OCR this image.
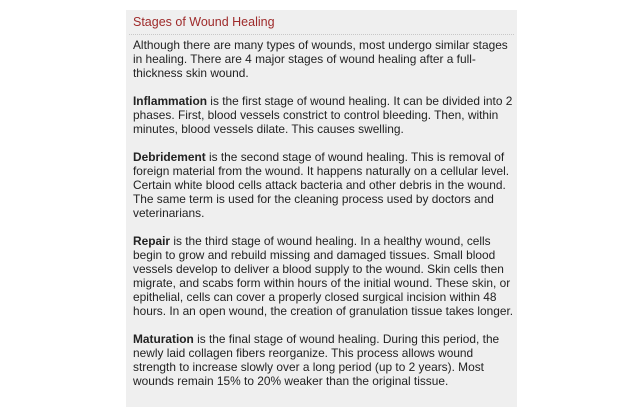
Stages of Wound Healing

Although there are many types of wounds, most undergo similar stages in healing. There are 4 major stages of wound healing after a full-thickness skin wound.

Inflammation is the first stage of wound healing. It can be divided into 2 phases. First, blood vessels constrict to control bleeding. Then, within minutes, blood vessels dilate. This causes swelling.

Debridement is the second stage of wound healing. This is removal of foreign material from the wound. It happens naturally on a cellular level. Certain white blood cells attack bacteria and other debris in the wound. The same term is used for the cleaning process used by doctors and veterinarians.

Repair is the third stage of wound healing. In a healthy wound, cells begin to grow and rebuild missing and damaged tissues. Small blood vessels develop to deliver a blood supply to the wound. Skin cells then migrate, and scabs form within hours of the initial wound. These skin, or epithelial, cells can cover a properly closed surgical incision within 48 hours. In an open wound, the creation of granulation tissue takes longer.

Maturation is the final stage of wound healing. During this period, the newly laid collagen fibers reorganize. This process allows wound strength to increase slowly over a long period (up to 2 years). Most wounds remain 15% to 20% weaker than the original tissue.
